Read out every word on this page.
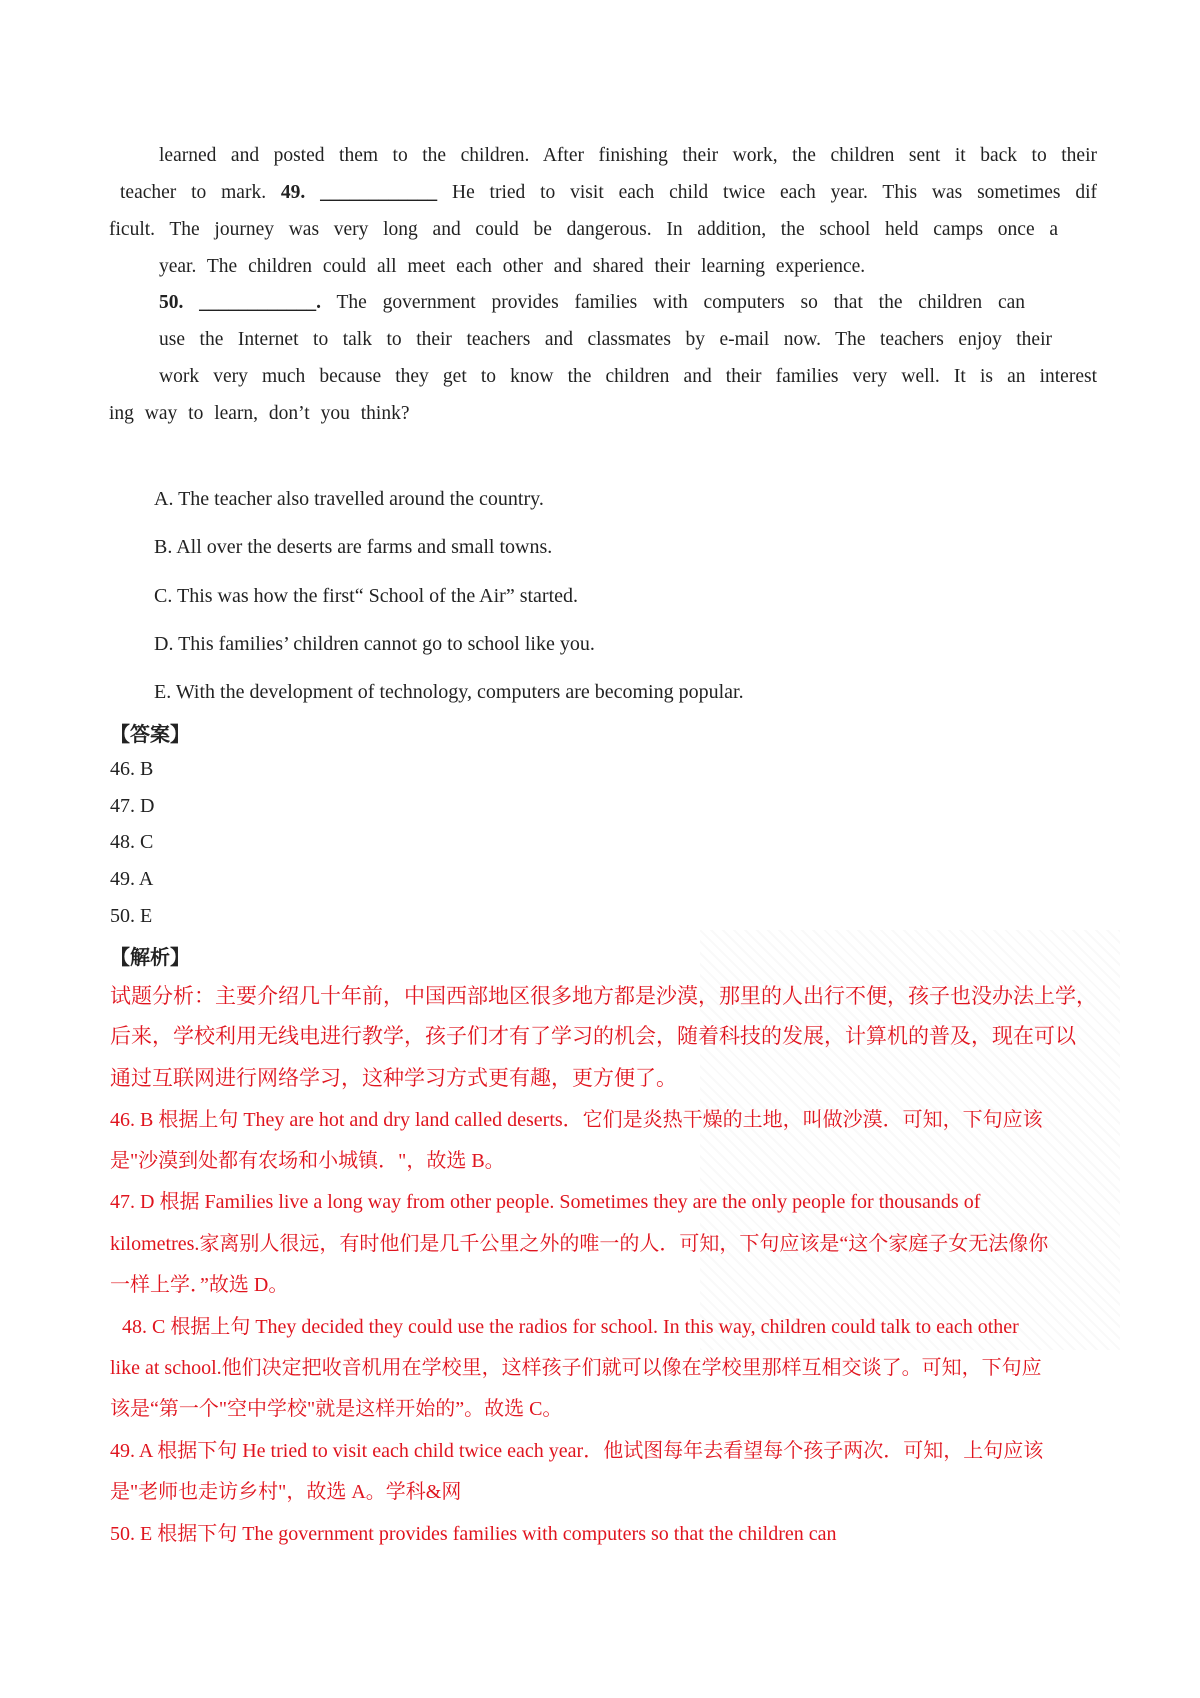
learned and posted them to the children. After finishing their work, the children sent it back to their
teacher to mark. 49. ____________ He tried to visit each child twice each year. This was sometimes dif
ficult. The journey was very long and could be dangerous. In addition, the school held camps once a
year. The children could all meet each other and shared their learning experience.
50. ____________. The government provides families with computers so that the children can
use the Internet to talk to their teachers and classmates by e-mail now. The teachers enjoy their
work very much because they get to know the children and their families very well. It is an interest
ing way to learn, don’t you think?
A. The teacher also travelled around the country.
B. All over the deserts are farms and small towns.
C. This was how the first“ School of the Air” started.
D. This families’ children cannot go to school like you.
E. With the development of technology, computers are becoming popular.
【答案】
46. B
47. D
48. C
49. A
50. E
【解析】
试题分析：主要介绍几十年前，中国西部地区很多地方都是沙漠，那里的人出行不便，孩子也没办法上学，
后来，学校利用无线电进行教学，孩子们才有了学习的机会，随着科技的发展，计算机的普及，现在可以
通过互联网进行网络学习，这种学习方式更有趣，更方便了。
46. B 根据上句 They are hot and dry land called deserts．它们是炎热干燥的土地，叫做沙漠．可知，下句应该
是"沙漠到处都有农场和小城镇．"，故选 B。
47. D 根据 Families live a long way from other people. Sometimes they are the only people for thousands of
kilometres.家离别人很远，有时他们是几千公里之外的唯一的人．可知，下句应该是“这个家庭子女无法像你
一样上学．”故选 D。
48. C 根据上句 They decided they could use the radios for school. In this way, children could talk to each other
like at school.他们决定把收音机用在学校里，这样孩子们就可以像在学校里那样互相交谈了。可知，下句应
该是“第一个"空中学校"就是这样开始的”。故选 C。
49. A 根据下句 He tried to visit each child twice each year．他试图每年去看望每个孩子两次．可知，上句应该
是"老师也走访乡村"，故选 A。学科&网
50. E 根据下句 The government provides families with computers so that the children can
